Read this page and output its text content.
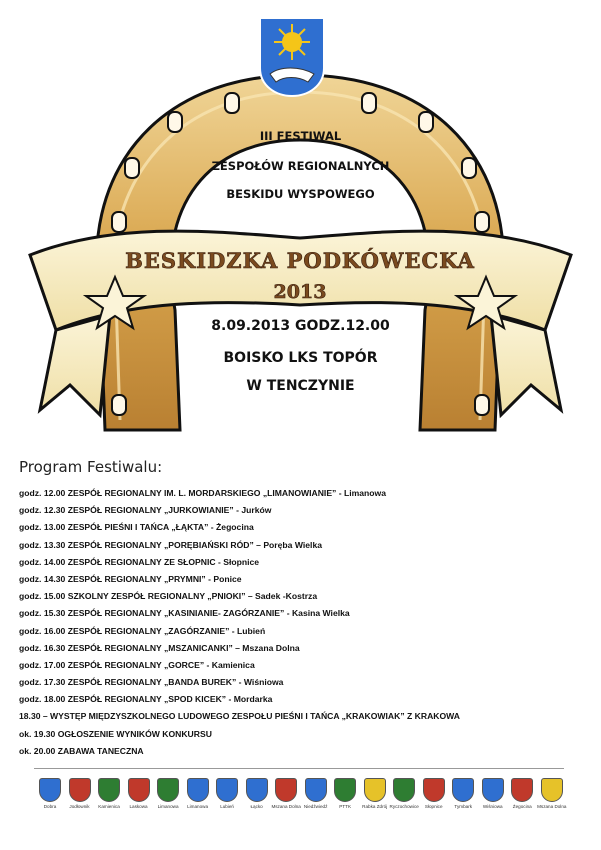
BESKIDZKA PODKÓWECKA
2013
III FESTIWAL
ZESPOŁÓW REGIONALNYCH
BESKIDU WYSPOWEGO
8.09.2013 GODZ.12.00
BOISKO LKS TOPÓR
W TENCZYNIE
Program Festiwalu:
godz. 12.00 ZESPÓŁ REGIONALNY IM. L. MORDARSKIEGO „LIMANOWIANIE” - Limanowa
godz. 12.30 ZESPÓŁ REGIONALNY „JURKOWIANIE” - Jurków
godz. 13.00 ZESPÓŁ PIEŚNI I TAŃCA „ŁĄKTA” - Żegocina
godz. 13.30 ZESPÓŁ REGIONALNY „PORĘBIAŃSKI RÓD” – Poręba Wielka
godz. 14.00 ZESPÓŁ REGIONALNY ZE SŁOPNIC - Słopnice
godz. 14.30 ZESPÓŁ REGIONALNY „PRYMNI” - Ponice
godz. 15.00 SZKOLNY ZESPÓŁ REGIONALNY „PNIOKI” – Sadek -Kostrza
godz. 15.30 ZESPÓŁ REGIONALNY „KASINIANIE- ZAGÓRZANIE” - Kasina Wielka
godz. 16.00 ZESPÓŁ REGIONALNY „ZAGÓRZANIE” - Lubień
godz. 16.30 ZESPÓŁ REGIONALNY „MSZANICANKI” – Mszana Dolna
godz. 17.00 ZESPÓŁ REGIONALNY „GORCE” - Kamienica
godz. 17.30 ZESPÓŁ REGIONALNY „BANDA BUREK” - Wiśniowa
godz. 18.00 ZESPÓŁ REGIONALNY „SPOD KICEK” - Mordarka
18.30 – WYSTĘP MIĘDZYSZKOLNEGO LUDOWEGO ZESPOŁU PIEŚNI I TAŃCA „KRAKOWIAK” Z KRAKOWA
ok. 19.30 OGŁOSZENIE WYNIKÓW KONKURSU
ok. 20.00 ZABAWA TANECZNA
Dobra	Jodłownik	Kamienica	Laskowa	Limanowa	Limanowa	Lubień	Łącko	Mszana Dolna Niedźwiedź	PTTK	Rabka Zdrój Ryczochowice	Słopnice	Tymbark	Wiśniowa	Żegocina	Mszana Dolna
